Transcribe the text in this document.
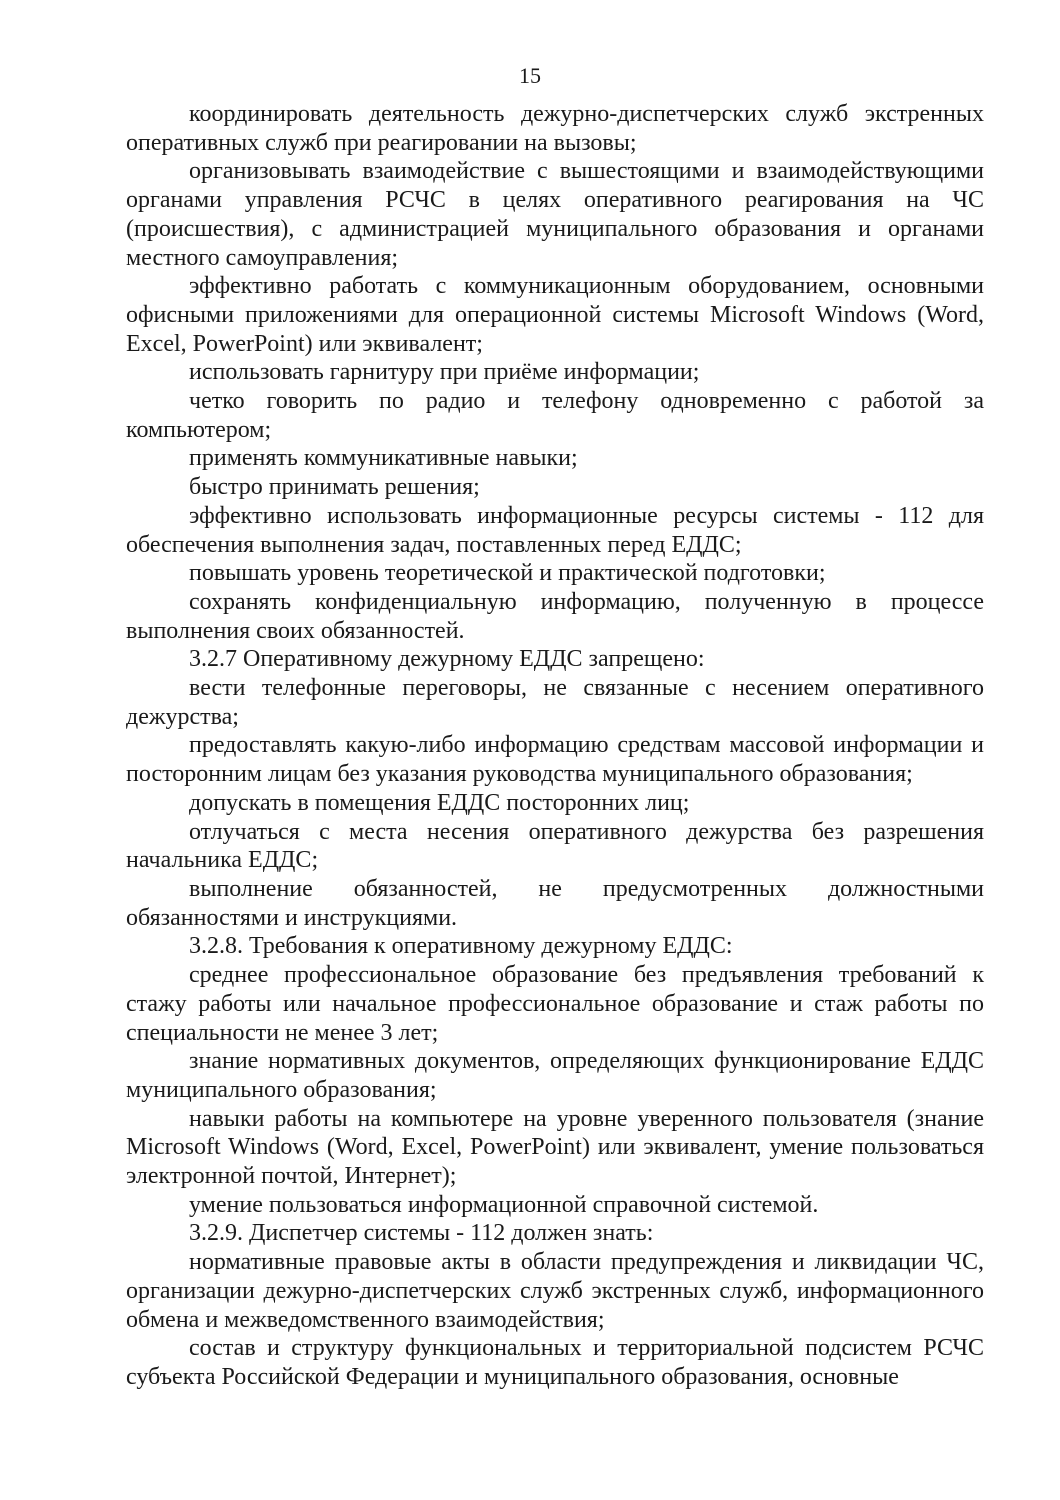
15

координировать деятельность дежурно-диспетчерских служб экстренных оперативных служб при реагировании на вызовы;

организовывать взаимодействие с вышестоящими и взаимодействующими органами управления РСЧС в целях оперативного реагирования на ЧС (происшествия), с администрацией муниципального образования и органами местного самоуправления;

эффективно работать с коммуникационным оборудованием, основными офисными приложениями для операционной системы Microsoft Windows (Word, Excel, PowerPoint) или эквивалент;

использовать гарнитуру при приёме информации;

четко говорить по радио и телефону одновременно с работой за компьютером;

применять коммуникативные навыки;

быстро принимать решения;

эффективно использовать информационные ресурсы системы - 112 для обеспечения выполнения задач, поставленных перед ЕДДС;

повышать уровень теоретической и практической подготовки;

сохранять конфиденциальную информацию, полученную в процессе выполнения своих обязанностей.

3.2.7 Оперативному дежурному ЕДДС запрещено:

вести телефонные переговоры, не связанные с несением оперативного дежурства;

предоставлять какую-либо информацию средствам массовой информации и посторонним лицам без указания руководства муниципального образования;

допускать в помещения ЕДДС посторонних лиц;

отлучаться с места несения оперативного дежурства без разрешения начальника ЕДДС;

выполнение обязанностей, не предусмотренных должностными обязанностями и инструкциями.

3.2.8. Требования к оперативному дежурному ЕДДС:

среднее профессиональное образование без предъявления требований к стажу работы или начальное профессиональное образование и стаж работы по специальности не менее 3 лет;

знание нормативных документов, определяющих функционирование ЕДДС муниципального образования;

навыки работы на компьютере на уровне уверенного пользователя (знание Microsoft Windows (Word, Excel, PowerPoint) или эквивалент, умение пользоваться электронной почтой, Интернет);

умение пользоваться информационной справочной системой.

3.2.9. Диспетчер системы - 112 должен знать:

нормативные правовые акты в области предупреждения и ликвидации ЧС, организации дежурно-диспетчерских служб экстренных служб, информационного обмена и межведомственного взаимодействия;

состав и структуру функциональных и территориальной подсистем РСЧС субъекта Российской Федерации и муниципального образования, основные
